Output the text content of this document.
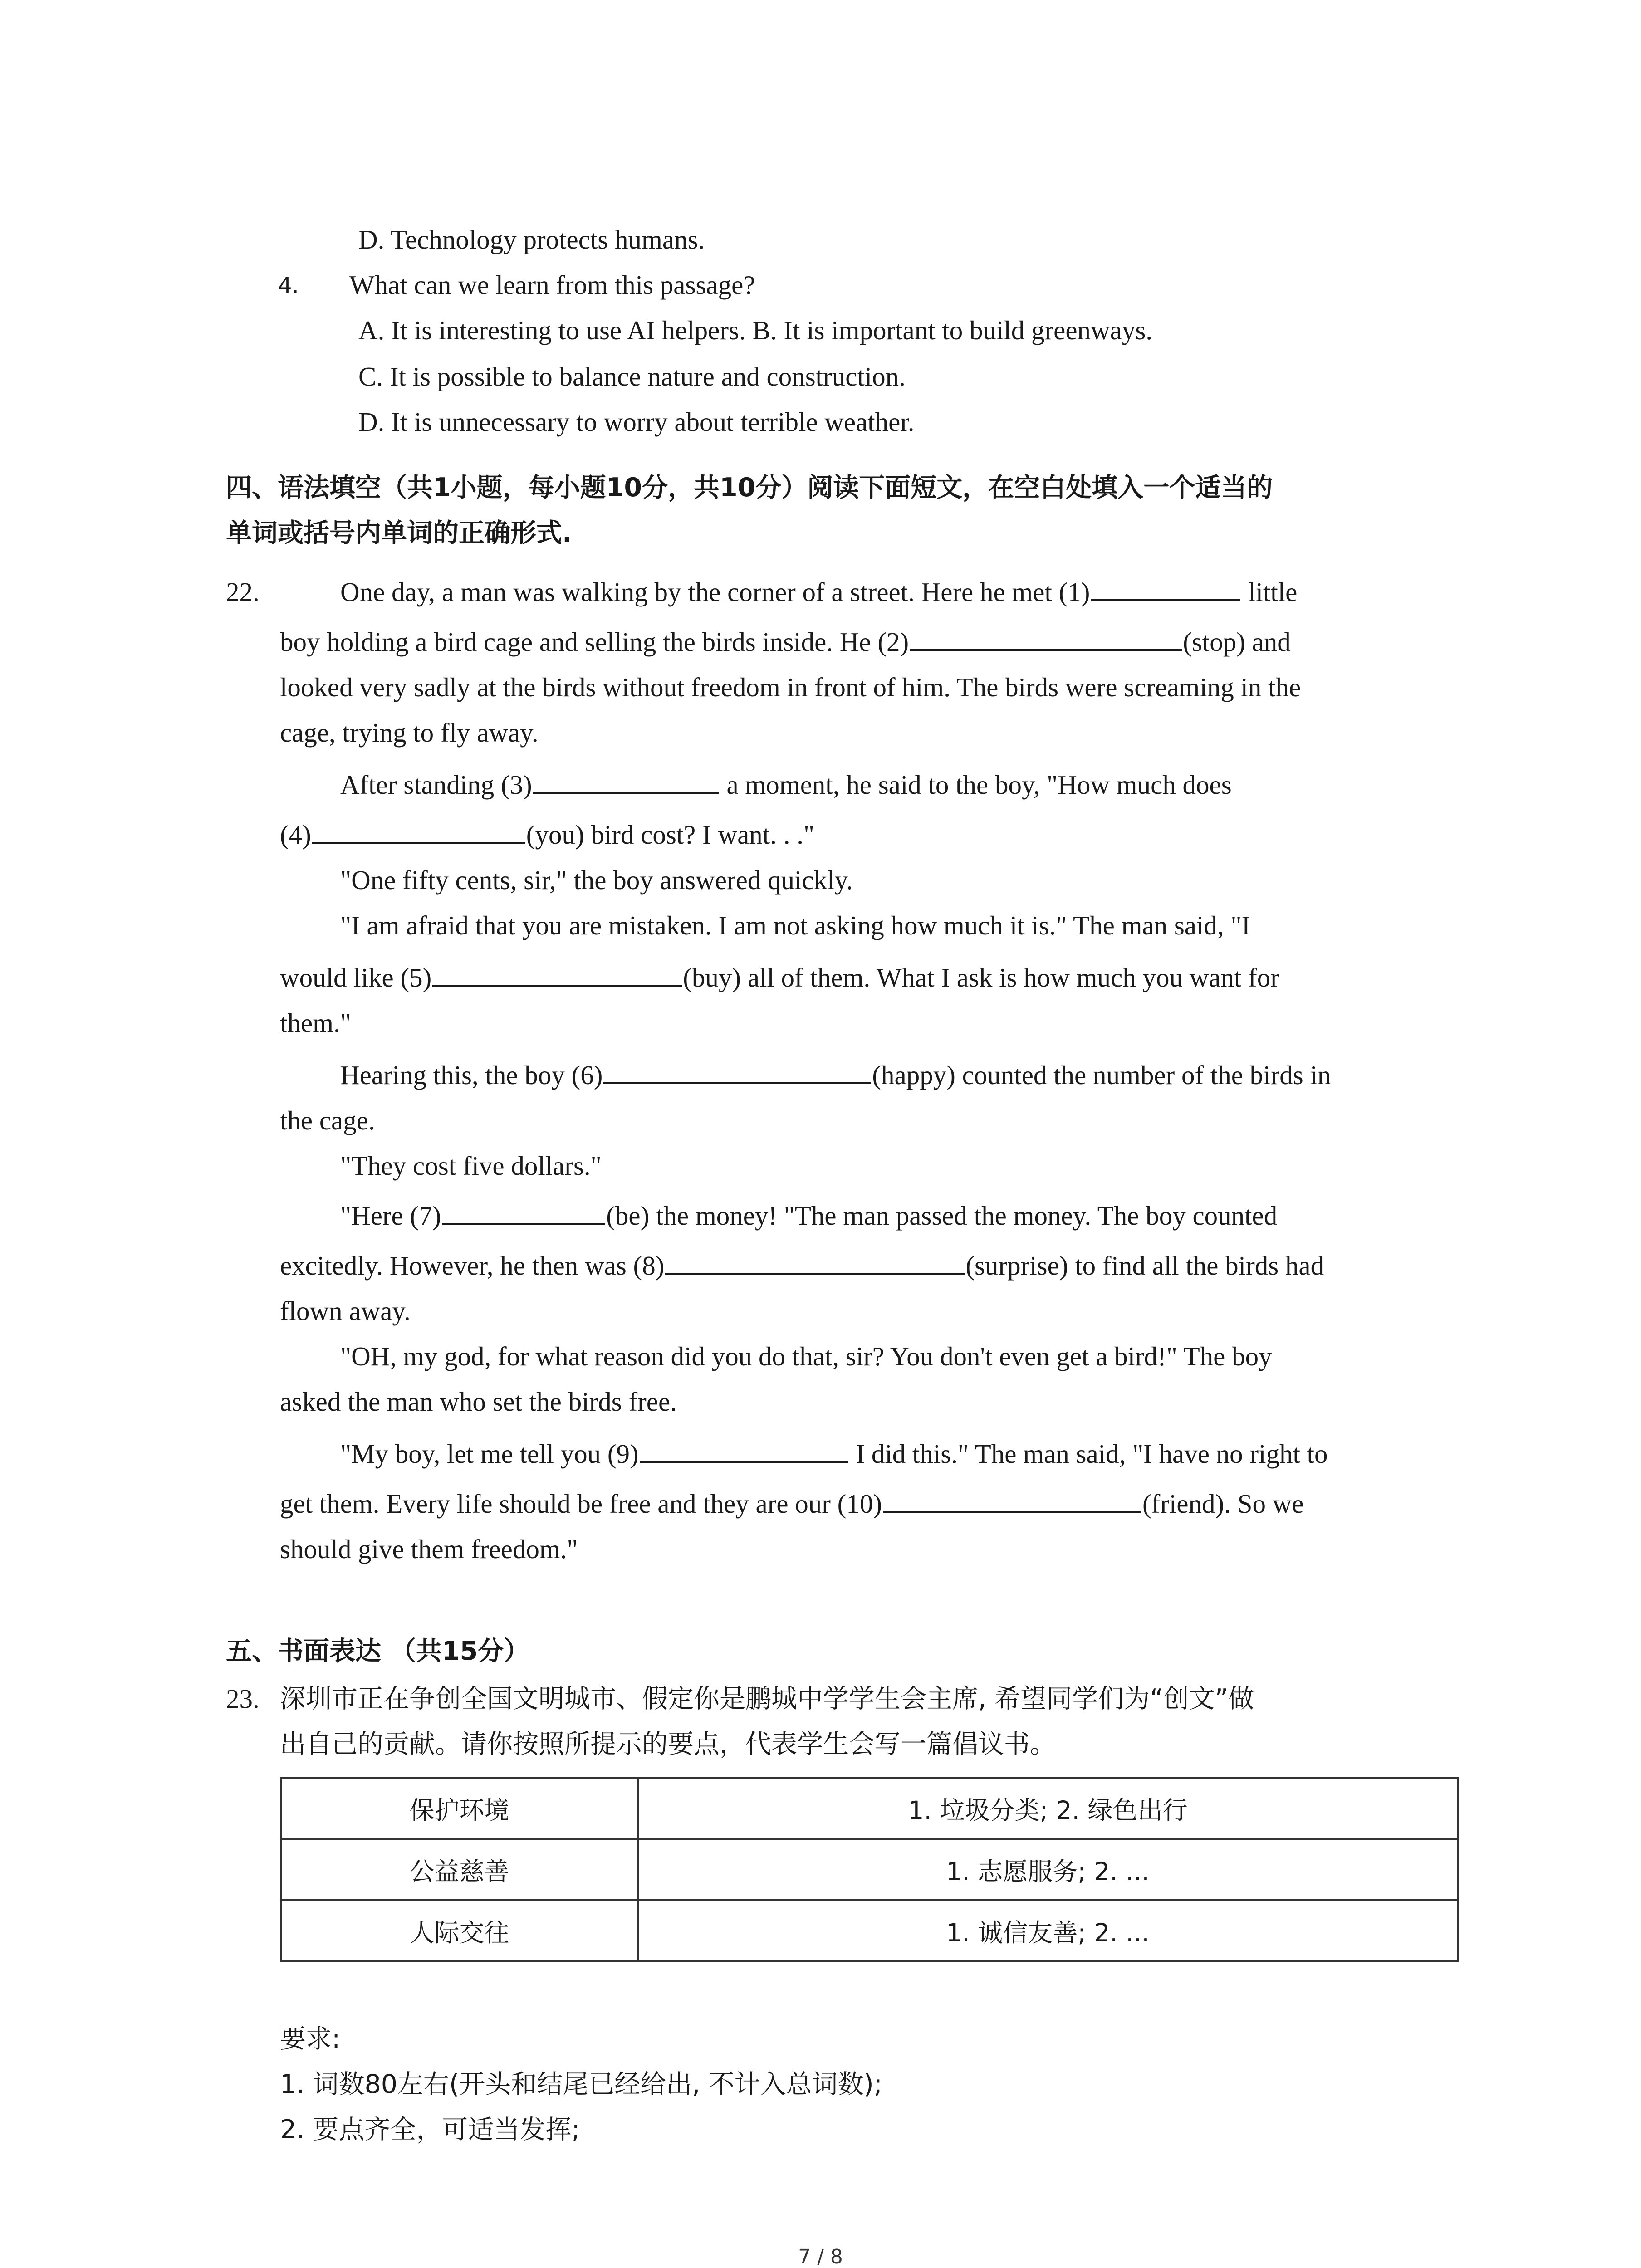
D. Technology protects humans.
4. What can we learn from this passage?
A. It is interesting to use AI helpers. B. It is important to build greenways.
C. It is possible to balance nature and construction.
D. It is unnecessary to worry about terrible weather.
四、语法填空（共1小题，每小题10分，共10分）阅读下面短文，在空白处填入一个适当的
单词或括号内单词的正确形式.
22.	One day, a man was walking by the corner of a street. Here he met (1)	little
boy holding a bird cage and selling the birds inside. He (2)	(stop) and
looked very sadly at the birds without freedom in front of him. The birds were screaming in the
cage, trying to fly away.
After standing (3)	a moment, he said to the boy, "How much does
(4)	(you) bird cost? I want. . ."
"One fifty cents, sir," the boy answered quickly.
"I am afraid that you are mistaken. I am not asking how much it is." The man said, "I
would like (5)	(buy) all of them. What I ask is how much you want for
them."
Hearing this, the boy (6)	(happy) counted the number of the birds in
the cage.
"They cost five dollars."
"Here (7)	(be) the money! "The man passed the money. The boy counted
excitedly. However, he then was (8)	(surprise) to find all the birds had
flown away.
"OH, my god, for what reason did you do that, sir? You don't even get a bird!" The boy
asked the man who set the birds free.
"My boy, let me tell you (9)	I did this." The man said, "I have no right to
get them. Every life should be free and they are our (10)	(friend). So we
should give them freedom."
五、书面表达 （共15分）
23. 深圳市正在争创全国文明城市、假定你是鹏城中学学生会主席, 希望同学们为“创文”做
出自己的贡献。请你按照所提示的要点，代表学生会写一篇倡议书。
保护环境	1. 垃圾分类; 2. 绿色出行
公益慈善	1. 志愿服务; 2. ...
人际交往	1. 诚信友善; 2. ...
要求:
1. 词数80左右(开头和结尾已经给出, 不计入总词数);
2. 要点齐全，可适当发挥;
7 / 8
